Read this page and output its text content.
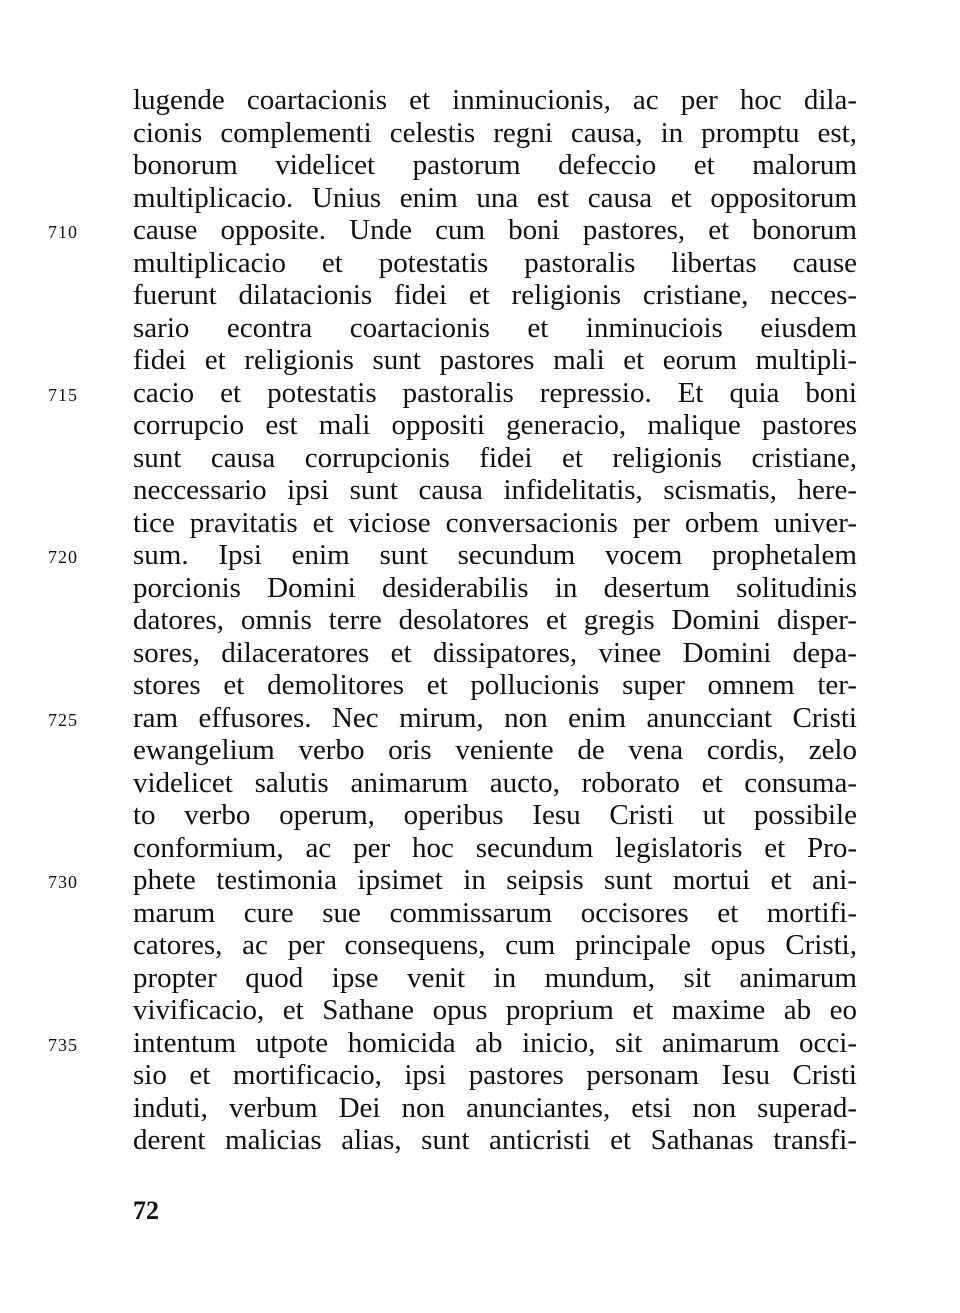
lugende coartacionis et inminucionis, ac per hoc dila-
cionis complementi celestis regni causa, in promptu est,
bonorum videlicet pastorum defeccio et malorum
multiplicacio. Unius enim una est causa et oppositorum
710	cause opposite. Unde cum boni pastores, et bonorum
multiplicacio et potestatis pastoralis libertas cause
fuerunt dilatacionis fidei et religionis cristiane, necces-
sario econtra coartacionis et inminuciois eiusdem
fidei et religionis sunt pastores mali et eorum multipli-
715	cacio et potestatis pastoralis repressio. Et quia boni
corrupcio est mali oppositi generacio, malique pastores
sunt causa corrupcionis fidei et religionis cristiane,
neccessario ipsi sunt causa infidelitatis, scismatis, here-
tice pravitatis et viciose conversacionis per orbem univer-
720	sum. Ipsi enim sunt secundum vocem prophetalem
porcionis Domini desiderabilis in desertum solitudinis
datores, omnis terre desolatores et gregis Domini disper-
sores, dilaceratores et dissipatores, vinee Domini depa-
stores et demolitores et pollucionis super omnem ter-
725	ram effusores. Nec mirum, non enim anuncciant Cristi
ewangelium verbo oris veniente de vena cordis, zelo
videlicet salutis animarum aucto, roborato et consuma-
to verbo operum, operibus Iesu Cristi ut possibile
conformium, ac per hoc secundum legislatoris et Pro-
730	phete testimonia ipsimet in seipsis sunt mortui et ani-
marum cure sue commissarum occisores et mortifi-
catores, ac per consequens, cum principale opus Cristi,
propter quod ipse venit in mundum, sit animarum
vivificacio, et Sathane opus proprium et maxime ab eo
735	intentum utpote homicida ab inicio, sit animarum occi-
sio et mortificacio, ipsi pastores personam Iesu Cristi
induti, verbum Dei non anunciantes, etsi non superad-
derent malicias alias, sunt anticristi et Sathanas transfi-
72
